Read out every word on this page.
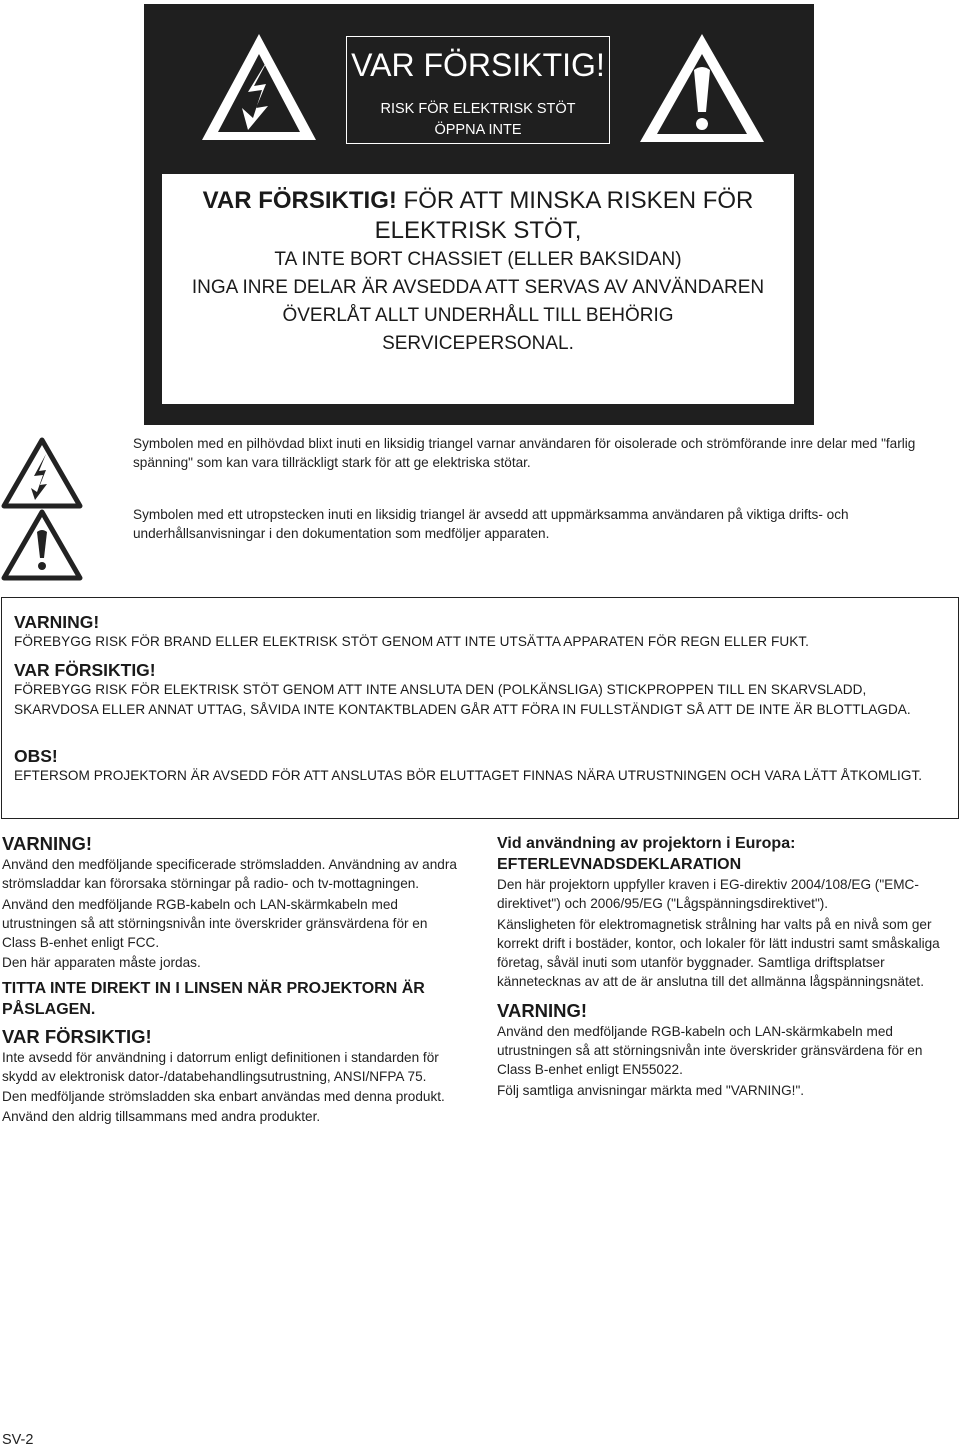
VAR FÖRSIKTIG!
RISK FÖR ELEKTRISK STÖT
ÖPPNA INTE
VAR FÖRSIKTIG! FÖR ATT MINSKA RISKEN FÖR
ELEKTRISK STÖT,
TA INTE BORT CHASSIET (ELLER BAKSIDAN)
INGA INRE DELAR ÄR AVSEDDA ATT SERVAS AV ANVÄNDAREN
ÖVERLÅT ALLT UNDERHÅLL TILL BEHÖRIG
SERVICEPERSONAL.
Symbolen med en pilhövdad blixt inuti en liksidig triangel varnar användaren för oisolerade och strömförande inre delar med "farlig spänning" som kan vara tillräckligt stark för att ge elektriska stötar.
Symbolen med ett utropstecken inuti en liksidig triangel är avsedd att uppmärksamma användaren på viktiga drifts- och underhållsanvisningar i den dokumentation som medföljer apparaten.
VARNING!
FÖREBYGG RISK FÖR BRAND ELLER ELEKTRISK STÖT GENOM ATT INTE UTSÄTTA APPARATEN FÖR REGN ELLER FUKT.
VAR FÖRSIKTIG!
FÖREBYGG RISK FÖR ELEKTRISK STÖT GENOM ATT INTE ANSLUTA DEN (POLKÄNSLIGA) STICKPROPPEN TILL EN SKARVSLADD, SKARVDOSA ELLER ANNAT UTTAG, SÅVIDA INTE KONTAKTBLADEN GÅR ATT FÖRA IN FULLSTÄNDIGT SÅ ATT DE INTE ÄR BLOTTLAGDA.
OBS!
EFTERSOM PROJEKTORN ÄR AVSEDD FÖR ATT ANSLUTAS BÖR ELUTTAGET FINNAS NÄRA UTRUSTNINGEN OCH VARA LÄTT ÅTKOMLIGT.
VARNING!
Använd den medföljande specificerade strömsladden. Användning av andra strömsladdar kan förorsaka störningar på radio- och tv-mottagningen.
Använd den medföljande RGB-kabeln och LAN-skärmkabeln med utrustningen så att störningsnivån inte överskrider gränsvärdena för en Class B-enhet enligt FCC.
Den här apparaten måste jordas.
TITTA INTE DIREKT IN I LINSEN NÄR PROJEKTORN ÄR PÅSLAGEN.
VAR FÖRSIKTIG!
Inte avsedd för användning i datorrum enligt definitionen i standarden för skydd av elektronisk dator-/databehandlingsutrustning, ANSI/NFPA 75.
Den medföljande strömsladden ska enbart användas med denna produkt. Använd den aldrig tillsammans med andra produkter.
Vid användning av projektorn i Europa:
EFTERLEVNADSDEKLARATION
Den här projektorn uppfyller kraven i EG-direktiv 2004/108/EG ("EMC-direktivet") och 2006/95/EG ("Lågspänningsdirektivet").
Känsligheten för elektromagnetisk strålning har valts på en nivå som ger korrekt drift i bostäder, kontor, och lokaler för lätt industri samt småskaliga företag, såväl inuti som utanför byggnader. Samtliga driftsplatser kännetecknas av att de är anslutna till det allmänna lågspänningsnätet.
VARNING!
Använd den medföljande RGB-kabeln och LAN-skärmkabeln med utrustningen så att störningsnivån inte överskrider gränsvärdena för en Class B-enhet enligt EN55022.
Följ samtliga anvisningar märkta med "VARNING!".
SV-2
